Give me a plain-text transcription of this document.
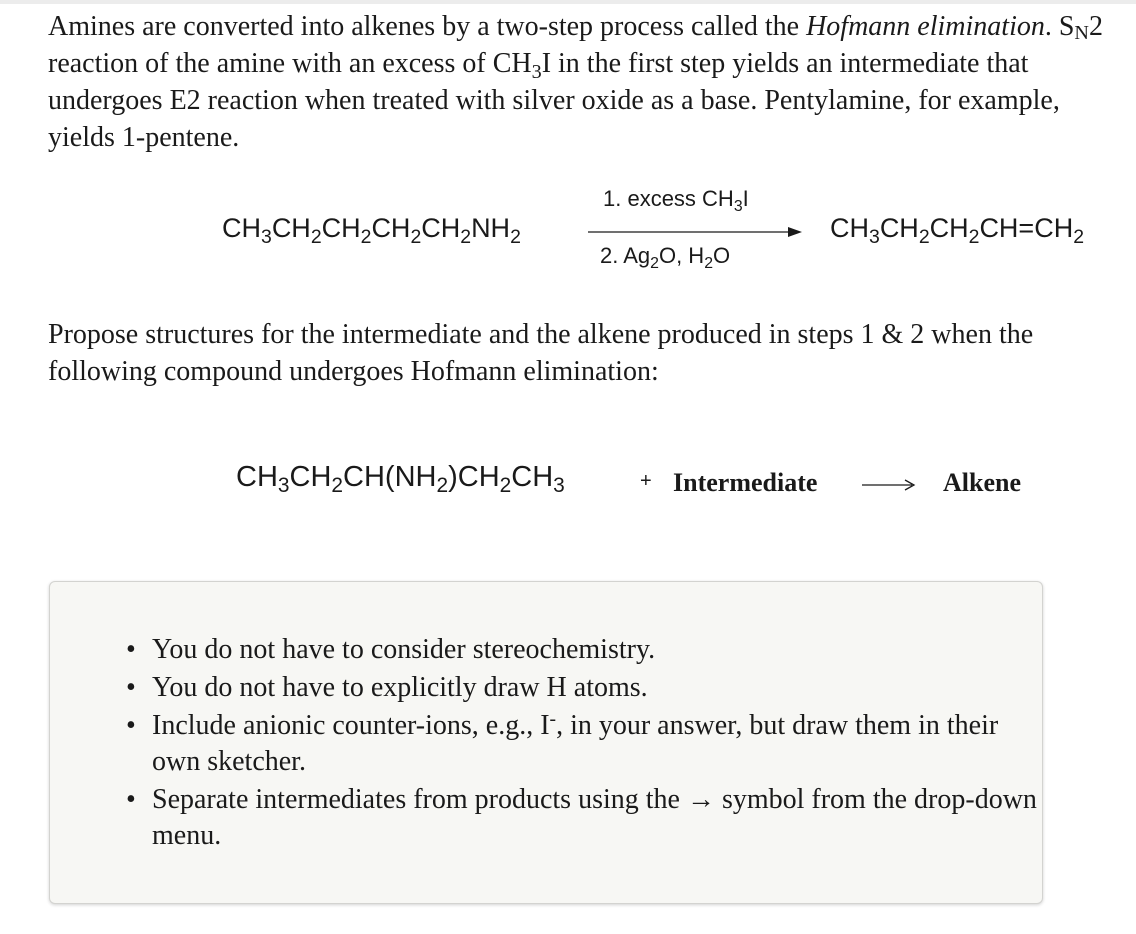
Amines are converted into alkenes by a two-step process called the Hofmann elimination. SN2 reaction of the amine with an excess of $CH_3I$ in the first step yields an intermediate that undergoes E2 reaction when treated with silver oxide as a base. Pentylamine, for example, yields 1-pentene.

$CH_3CH_2CH_2CH_2CH_2NH_2$
1. excess $CH_3I$
2. $Ag_2O$, $H_2O$
$CH_3CH_2CH_2CH=CH_2$

Propose structures for the intermediate and the alkene produced in steps 1 & 2 when the following compound undergoes Hofmann elimination:

$CH_3CH_2CH(NH_2)CH_2CH_3$	+ Intermediate	Alkene
• You do not have to consider stereochemistry.
• You do not have to explicitly draw H atoms.
• Include anionic counter-ions, e.g., I-, in your answer, but draw them in their own sketcher.
• Separate intermediates from products using the → symbol from the drop-down menu.
